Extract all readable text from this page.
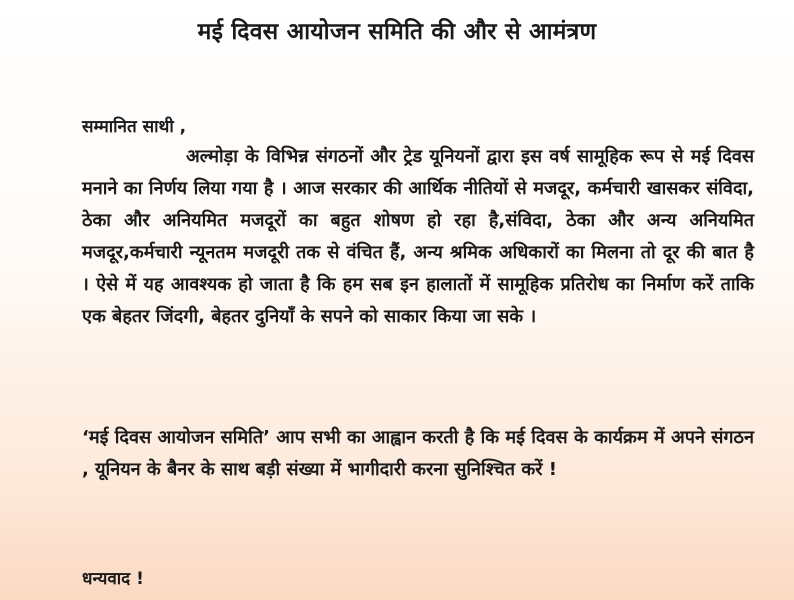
मई दिवस आयोजन समिति की और से आमंत्रण
सम्मानित साथी ,
अल्मोड़ा के विभिन्न संगठनों और ट्रेड यूनियनों द्वारा इस वर्ष सामूहिक रूप से मई दिवस मनाने का निर्णय लिया गया है । आज सरकार की आर्थिक नीतियों से मजदूर, कर्मचारी खासकर संविदा, ठेका और अनियमित मजदूरों का बहुत शोषण हो रहा है,संविदा, ठेका और अन्य अनियमित मजदूर,कर्मचारी न्यूनतम मजदूरी तक से वंचित हैं, अन्य श्रमिक अधिकारों का मिलना तो दूर की बात है । ऐसे में यह आवश्यक हो जाता है कि हम सब इन हालातों में सामूहिक प्रतिरोध का निर्माण करें ताकि एक बेहतर जिंदगी, बेहतर दुनियाँ के सपने को साकार किया जा सके ।
‘मई दिवस आयोजन समिति’ आप सभी का आह्वान करती है कि मई दिवस के कार्यक्रम में अपने संगठन , यूनियन के बैनर के साथ बड़ी संख्या में भागीदारी करना सुनिश्चित करें !
धन्यवाद !
